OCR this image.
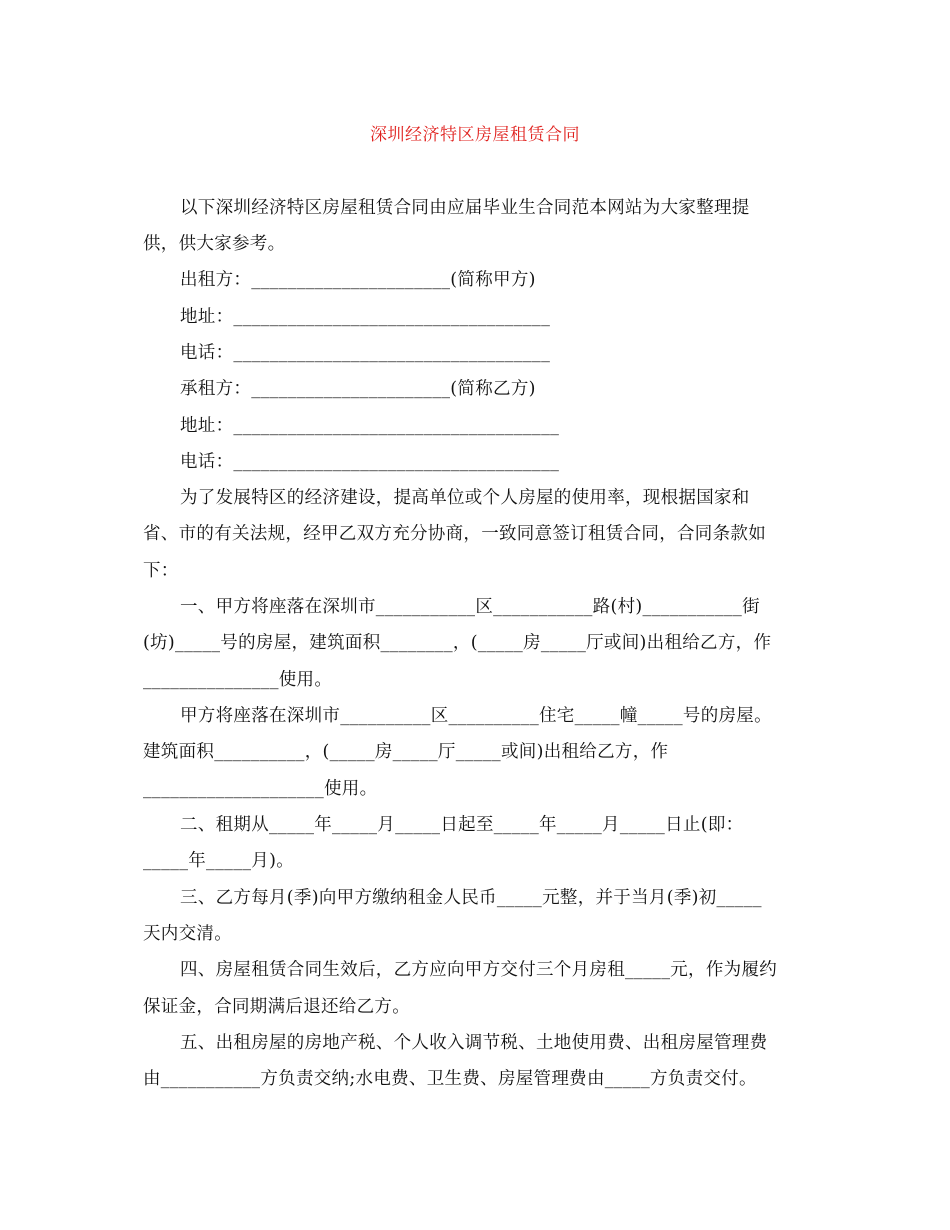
深圳经济特区房屋租赁合同
以下深圳经济特区房屋租赁合同由应届毕业生合同范本网站为大家整理提
供，供大家参考。
出租方：______________________(简称甲方)
地址：___________________________________
电话：___________________________________
承租方：______________________(简称乙方)
地址：____________________________________
电话：____________________________________
为了发展特区的经济建设，提高单位或个人房屋的使用率，现根据国家和
省、市的有关法规，经甲乙双方充分协商，一致同意签订租赁合同，合同条款如
下：
一、甲方将座落在深圳市___________区___________路(村)___________街
(坊)_____号的房屋，建筑面积________，(_____房_____厅或间)出租给乙方，作
_______________使用。
甲方将座落在深圳市__________区__________住宅_____幢_____号的房屋。
建筑面积__________，(_____房_____厅_____或间)出租给乙方，作
____________________使用。
二、租期从_____年_____月_____日起至_____年_____月_____日止(即：
_____年_____月)。
三、乙方每月(季)向甲方缴纳租金人民币_____元整，并于当月(季)初_____
天内交清。
四、房屋租赁合同生效后，乙方应向甲方交付三个月房租_____元，作为履约
保证金，合同期满后退还给乙方。
五、出租房屋的房地产税、个人收入调节税、土地使用费、出租房屋管理费
由___________方负责交纳;水电费、卫生费、房屋管理费由_____方负责交付。
